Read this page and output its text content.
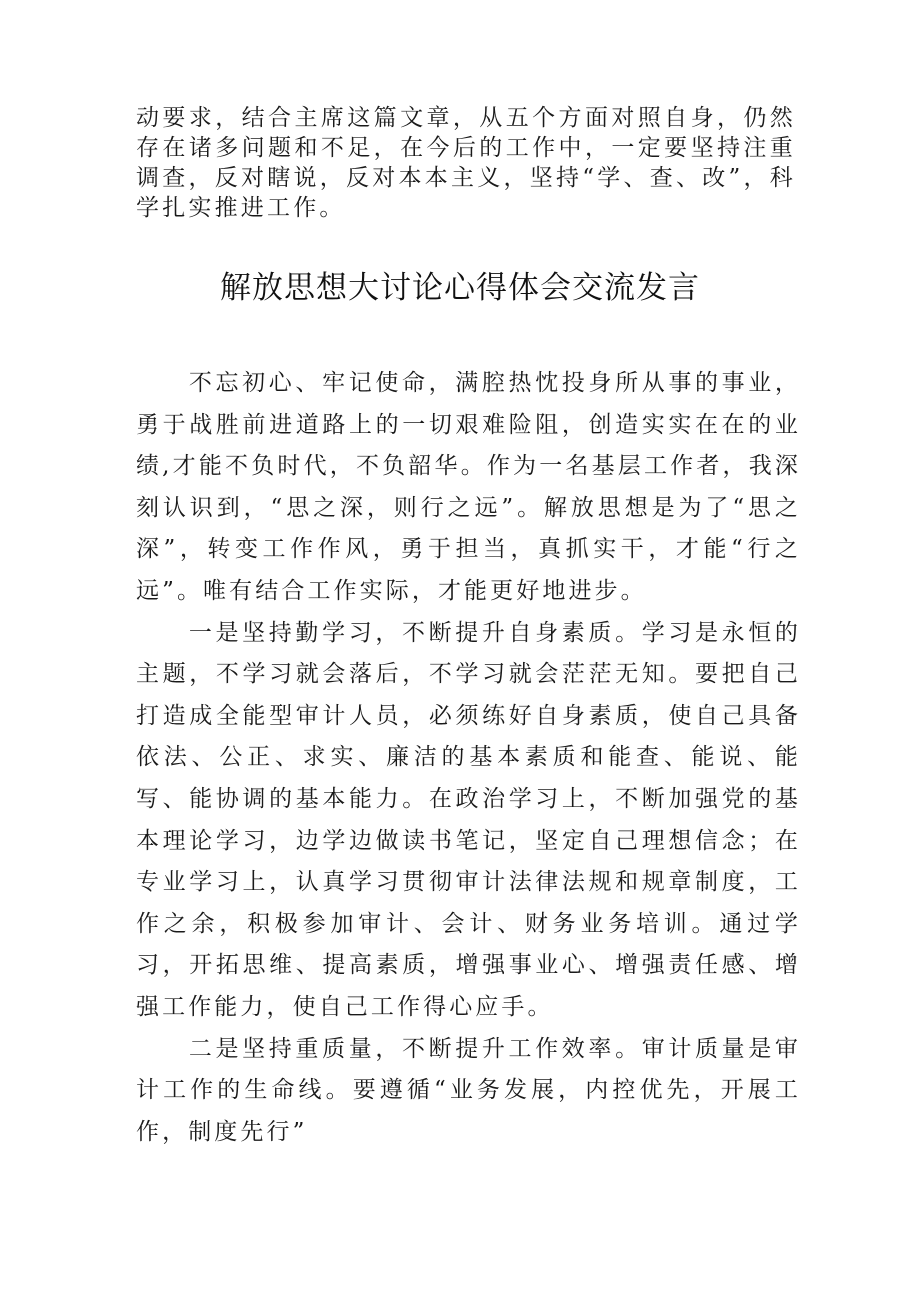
动要求，结合主席这篇文章，从五个方面对照自身，仍然存在诸多问题和不足，在今后的工作中，一定要坚持注重调查，反对瞎说，反对本本主义，坚持“学、查、改”，科学扎实推进工作。
解放思想大讨论心得体会交流发言

不忘初心、牢记使命，满腔热忱投身所从事的事业，勇于战胜前进道路上的一切艰难险阻，创造实实在在的业绩,才能不负时代，不负韶华。作为一名基层工作者，我深刻认识到，“思之深，则行之远”。解放思想是为了“思之深”，转变工作作风，勇于担当，真抓实干，才能“行之远”。唯有结合工作实际，才能更好地进步。

一是坚持勤学习，不断提升自身素质。学习是永恒的主题，不学习就会落后，不学习就会茫茫无知。要把自己打造成全能型审计人员，必须练好自身素质，使自己具备依法、公正、求实、廉洁的基本素质和能查、能说、能写、能协调的基本能力。在政治学习上，不断加强党的基本理论学习，边学边做读书笔记，坚定自己理想信念；在专业学习上，认真学习贯彻审计法律法规和规章制度，工作之余，积极参加审计、会计、财务业务培训。通过学习，开拓思维、提高素质，增强事业心、增强责任感、增强工作能力，使自己工作得心应手。

二是坚持重质量，不断提升工作效率。审计质量是审计工作的生命线。要遵循“业务发展，内控优先，开展工作，制度先行”
